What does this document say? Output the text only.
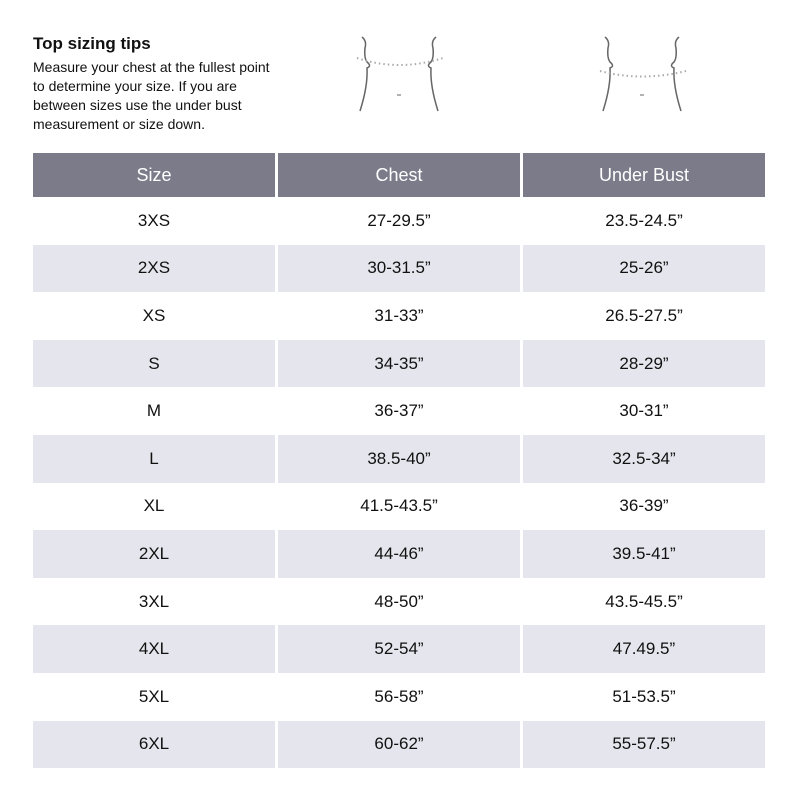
Top sizing tips

Measure your chest at the fullest point to determine your size. If you are between sizes use the under bust measurement or size down.

Size	Chest	Under Bust
3XS	27-29.5”	23.5-24.5”
2XS	30-31.5”	25-26”
XS	31-33”	26.5-27.5”
S	34-35”	28-29”
M	36-37”	30-31”
L	38.5-40”	32.5-34”
XL	41.5-43.5”	36-39”
2XL	44-46”	39.5-41”
3XL	48-50”	43.5-45.5”
4XL	52-54”	47.49.5”
5XL	56-58”	51-53.5”
6XL	60-62”	55-57.5”
